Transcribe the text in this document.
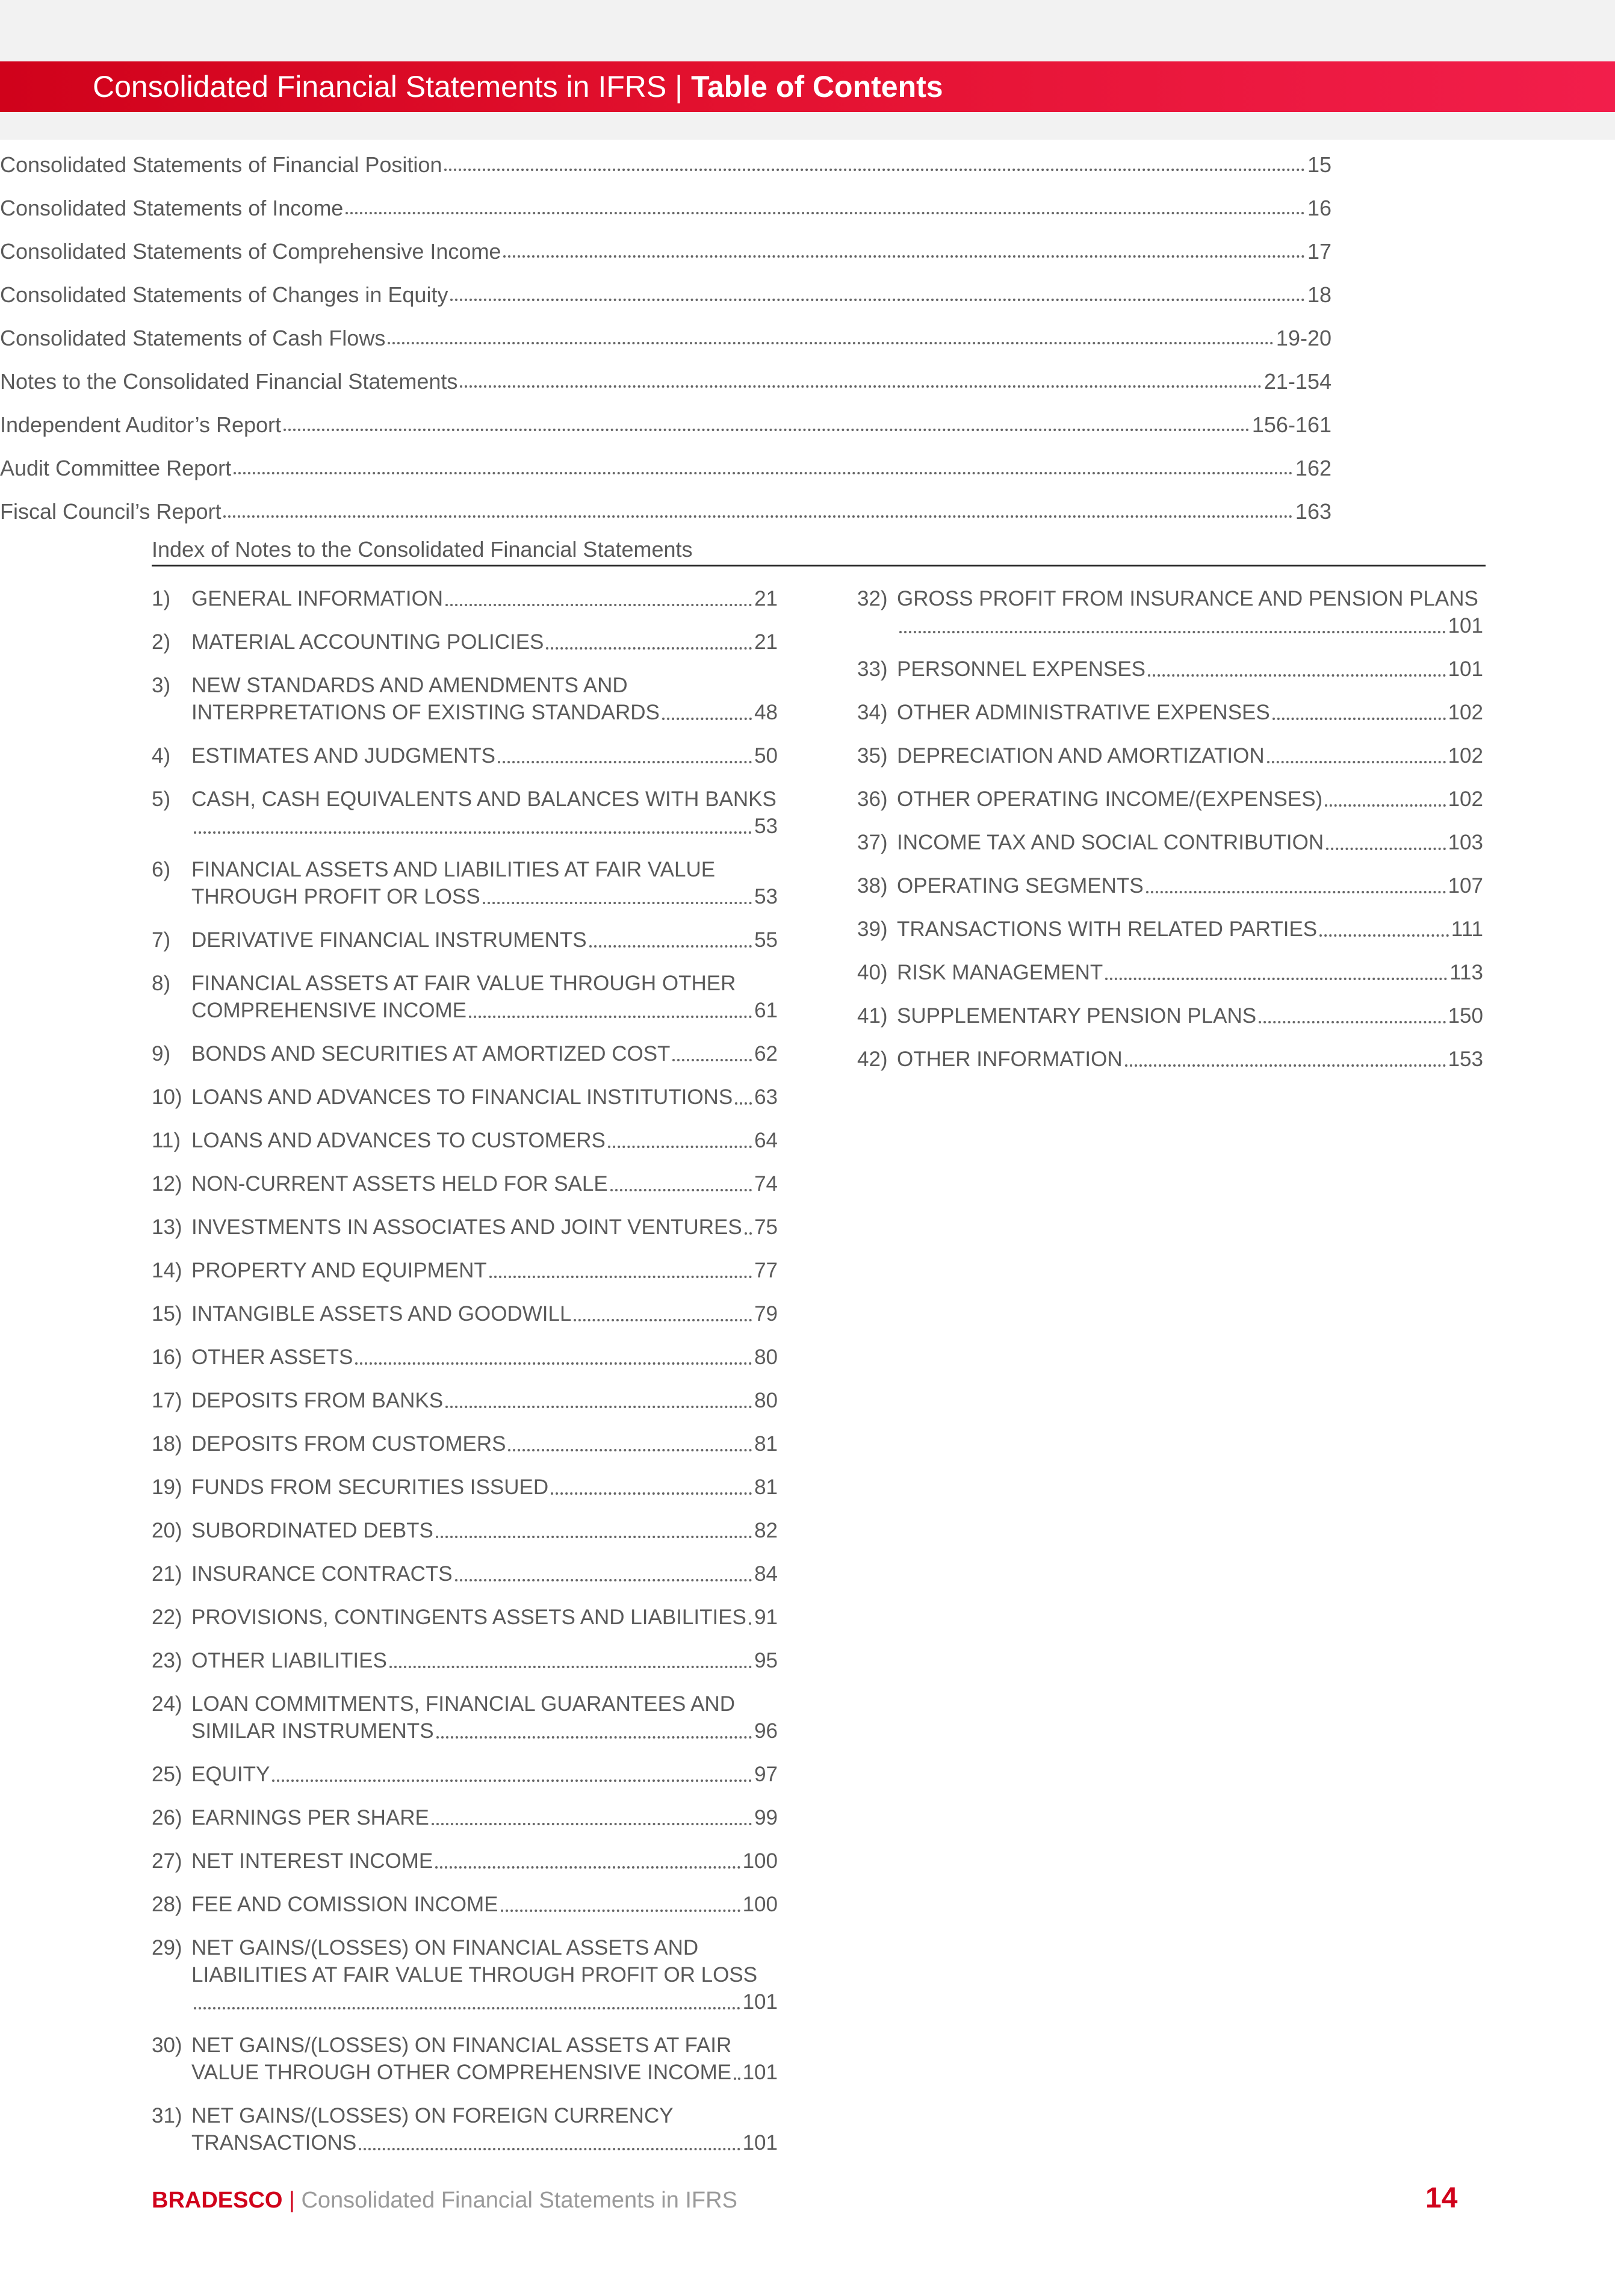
Consolidated Financial Statements in IFRS | Table of Contents
Consolidated Statements of Financial Position	15
Consolidated Statements of Income	16
Consolidated Statements of Comprehensive Income	17
Consolidated Statements of Changes in Equity	18
Consolidated Statements of Cash Flows	19-20
Notes to the Consolidated Financial Statements	21-154
Independent Auditor’s Report	156-161
Audit Committee Report	162
Fiscal Council’s Report	163
Index of Notes to the Consolidated Financial Statements
1) GENERAL INFORMATION	21
2) MATERIAL ACCOUNTING POLICIES	21
3) NEW STANDARDS AND AMENDMENTS AND
INTERPRETATIONS OF EXISTING STANDARDS	48
4) ESTIMATES AND JUDGMENTS	50
5) CASH, CASH EQUIVALENTS AND BALANCES WITH BANKS
53
6) FINANCIAL ASSETS AND LIABILITIES AT FAIR VALUE
THROUGH PROFIT OR LOSS	53
7) DERIVATIVE FINANCIAL INSTRUMENTS	55
8) FINANCIAL ASSETS AT FAIR VALUE THROUGH OTHER
COMPREHENSIVE INCOME	61
9) BONDS AND SECURITIES AT AMORTIZED COST	62
10) LOANS AND ADVANCES TO FINANCIAL INSTITUTIONS 63
11) LOANS AND ADVANCES TO CUSTOMERS	64
12) NON-CURRENT ASSETS HELD FOR SALE	74
13) INVESTMENTS IN ASSOCIATES AND JOINT VENTURES 75
14) PROPERTY AND EQUIPMENT	77
15) INTANGIBLE ASSETS AND GOODWILL	79
16) OTHER ASSETS	80
17) DEPOSITS FROM BANKS	80
18) DEPOSITS FROM CUSTOMERS	81
19) FUNDS FROM SECURITIES ISSUED	81
20) SUBORDINATED DEBTS	82
21) INSURANCE CONTRACTS	84
22) PROVISIONS, CONTINGENTS ASSETS AND LIABILITIES 91
23) OTHER LIABILITIES	95
24) LOAN COMMITMENTS, FINANCIAL GUARANTEES AND
SIMILAR INSTRUMENTS	96
25) EQUITY	97
26) EARNINGS PER SHARE	99
27) NET INTEREST INCOME	100
28) FEE AND COMISSION INCOME	100
29) NET GAINS/(LOSSES) ON FINANCIAL ASSETS AND
LIABILITIES AT FAIR VALUE THROUGH PROFIT OR LOSS
101
30) NET GAINS/(LOSSES) ON FINANCIAL ASSETS AT FAIR
VALUE THROUGH OTHER COMPREHENSIVE INCOME 101
31) NET GAINS/(LOSSES) ON FOREIGN CURRENCY
TRANSACTIONS	101
32) GROSS PROFIT FROM INSURANCE AND PENSION PLANS
101
33) PERSONNEL EXPENSES	101
34) OTHER ADMINISTRATIVE EXPENSES	102
35) DEPRECIATION AND AMORTIZATION	102
36) OTHER OPERATING INCOME/(EXPENSES)	102
37) INCOME TAX AND SOCIAL CONTRIBUTION	103
38) OPERATING SEGMENTS	107
39) TRANSACTIONS WITH RELATED PARTIES	111
40) RISK MANAGEMENT	113
41) SUPPLEMENTARY PENSION PLANS	150
42) OTHER INFORMATION	153
BRADESCO | Consolidated Financial Statements in IFRS	14
